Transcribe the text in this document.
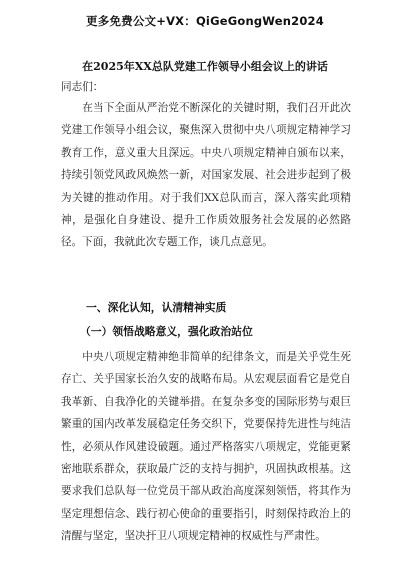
更多免费公文+VX：QiGeGongWen2024
在2025年XX总队党建工作领导小组会议上的讲话
同志们：
在当下全面从严治党不断深化的关键时期，我们召开此次党建工作领导小组会议，聚焦深入贯彻中央八项规定精神学习教育工作，意义重大且深远。中央八项规定精神自颁布以来，持续引领党风政风焕然一新，对国家发展、社会进步起到了极为关键的推动作用。对于我们XX总队而言，深入落实此项精神，是强化自身建设、提升工作质效服务社会发展的必然路径。下面，我就此次专题工作，谈几点意见。
一、深化认知，认清精神实质
（一）领悟战略意义，强化政治站位
中央八项规定精神绝非简单的纪律条文，而是关乎党生死存亡、关乎国家长治久安的战略布局。从宏观层面看它是党自我革新、自我净化的关键举措。在复杂多变的国际形势与艰巨繁重的国内改革发展稳定任务交织下，党要保持先进性与纯洁性，必须从作风建设破题。通过严格落实八项规定，党能更紧密地联系群众，获取最广泛的支持与拥护，巩固执政根基。这要求我们总队每一位党员干部从政治高度深刻领悟，将其作为坚定理想信念、践行初心使命的重要指引，时刻保持政治上的清醒与坚定，坚决扞卫八项规定精神的权威性与严肃性。
